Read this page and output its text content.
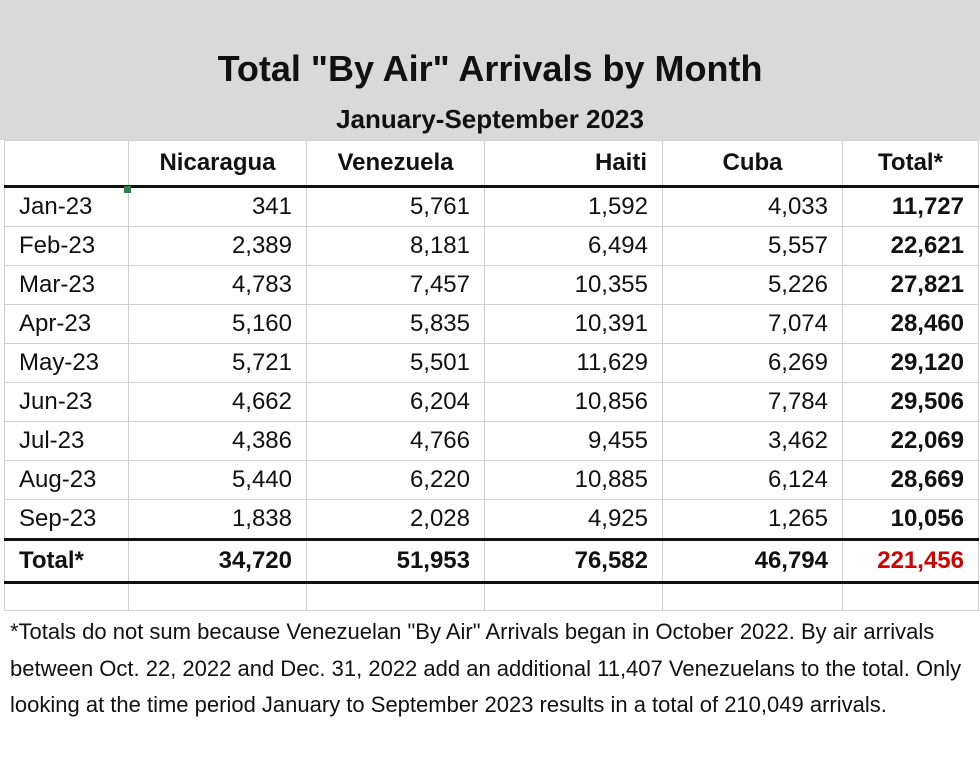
Total "By Air" Arrivals by Month
January-September 2023
	Nicaragua	Venezuela	Haiti	Cuba	Total*
Jan-23	341	5,761	1,592	4,033	11,727
Feb-23	2,389	8,181	6,494	5,557	22,621
Mar-23	4,783	7,457	10,355	5,226	27,821
Apr-23	5,160	5,835	10,391	7,074	28,460
May-23	5,721	5,501	11,629	6,269	29,120
Jun-23	4,662	6,204	10,856	7,784	29,506
Jul-23	4,386	4,766	9,455	3,462	22,069
Aug-23	5,440	6,220	10,885	6,124	28,669
Sep-23	1,838	2,028	4,925	1,265	10,056
Total*	34,720	51,953	76,582	46,794	221,456

*Totals do not sum because Venezuelan "By Air" Arrivals began in October 2022. By air arrivals between Oct. 22, 2022 and Dec. 31, 2022 add an additional 11,407 Venezuelans to the total. Only looking at the time period January to September 2023 results in a total of 210,049 arrivals.
